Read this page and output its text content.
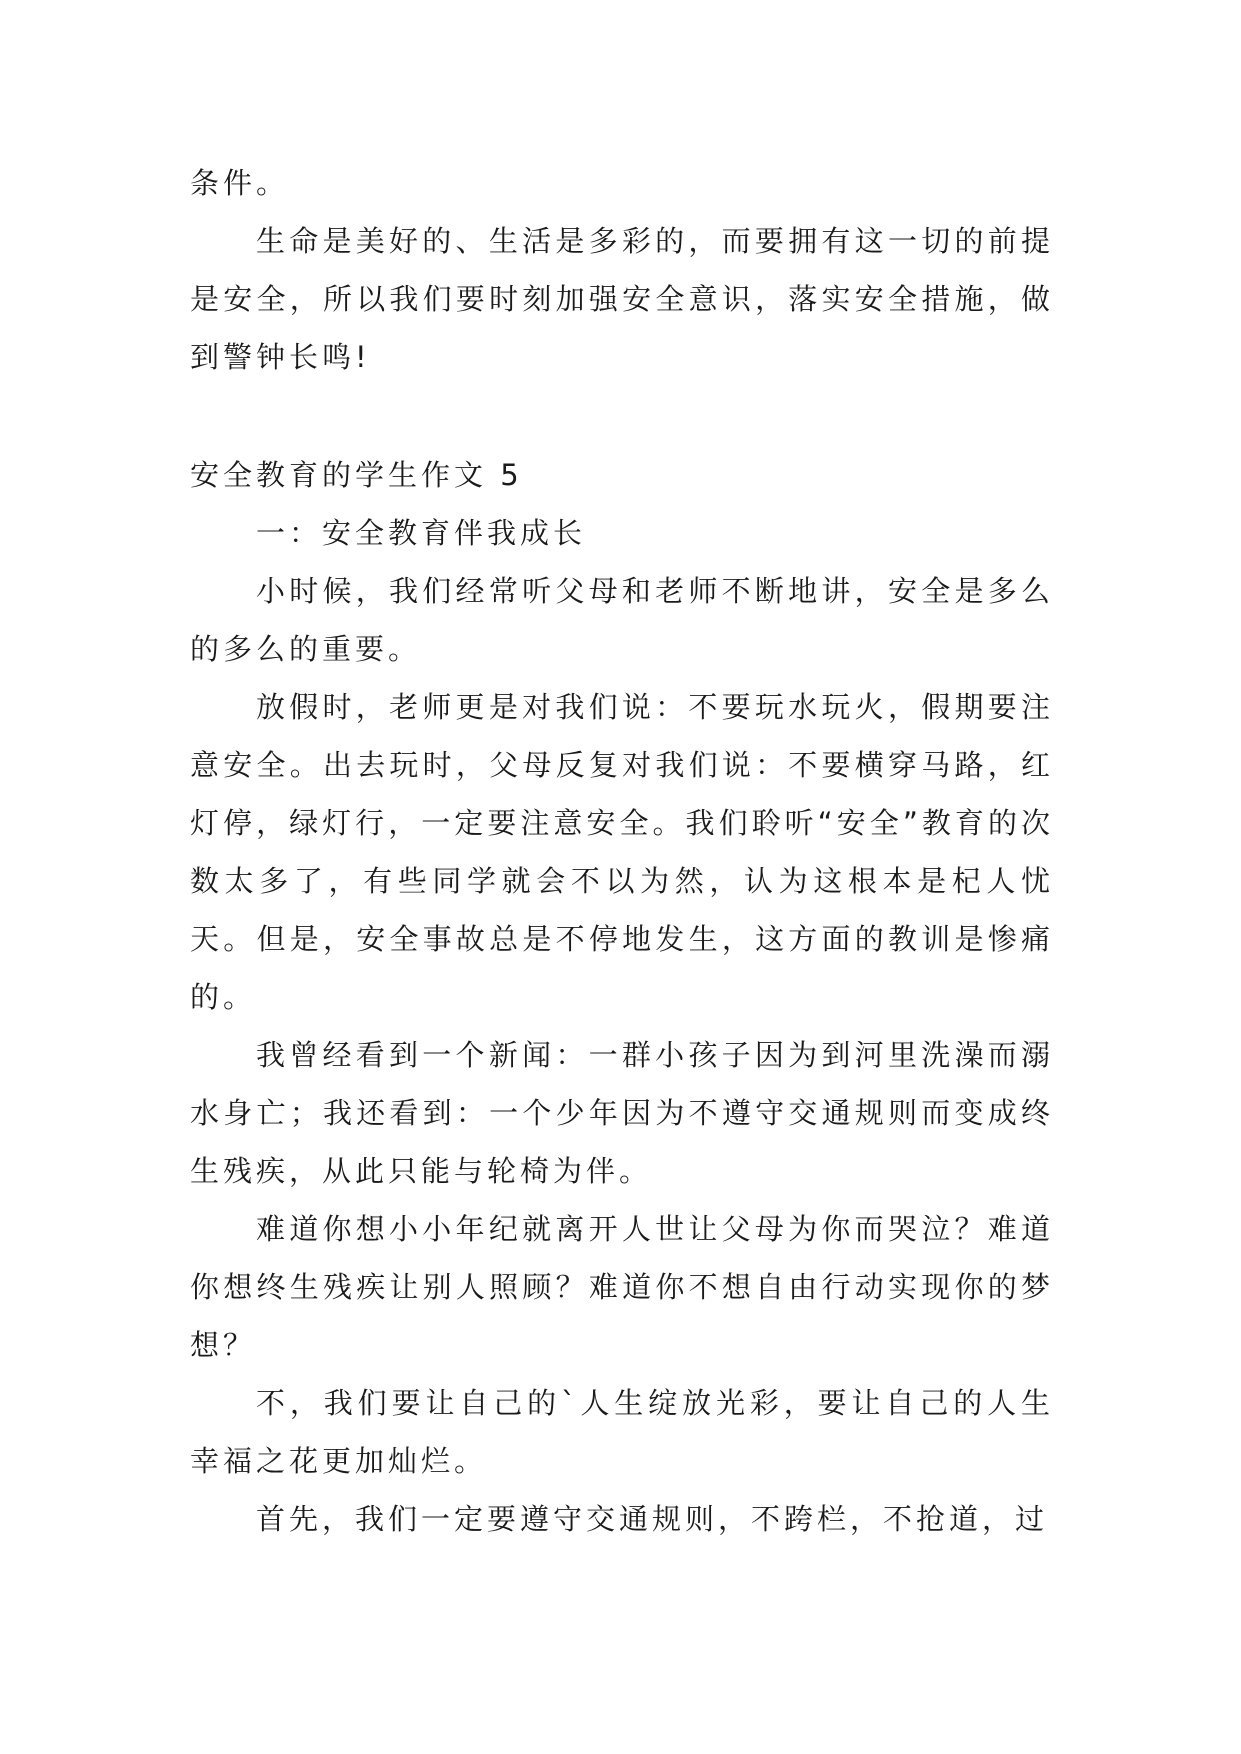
条件。

生命是美好的、生活是多彩的，而要拥有这一切的前提是安全，所以我们要时刻加强安全意识，落实安全措施，做到警钟长鸣!

安全教育的学生作文 5

一：安全教育伴我成长

小时候，我们经常听父母和老师不断地讲，安全是多么的多么的重要。

放假时，老师更是对我们说：不要玩水玩火，假期要注意安全。出去玩时，父母反复对我们说：不要横穿马路，红灯停，绿灯行，一定要注意安全。我们聆听“安全”教育的次数太多了，有些同学就会不以为然，认为这根本是杞人忧天。但是，安全事故总是不停地发生，这方面的教训是惨痛的。

我曾经看到一个新闻：一群小孩子因为到河里洗澡而溺水身亡；我还看到：一个少年因为不遵守交通规则而变成终生残疾，从此只能与轮椅为伴。

难道你想小小年纪就离开人世让父母为你而哭泣？难道你想终生残疾让别人照顾？难道你不想自由行动实现你的梦想？

不，我们要让自己的`人生绽放光彩，要让自己的人生幸福之花更加灿烂。

首先，我们一定要遵守交通规则，不跨栏，不抢道，过
